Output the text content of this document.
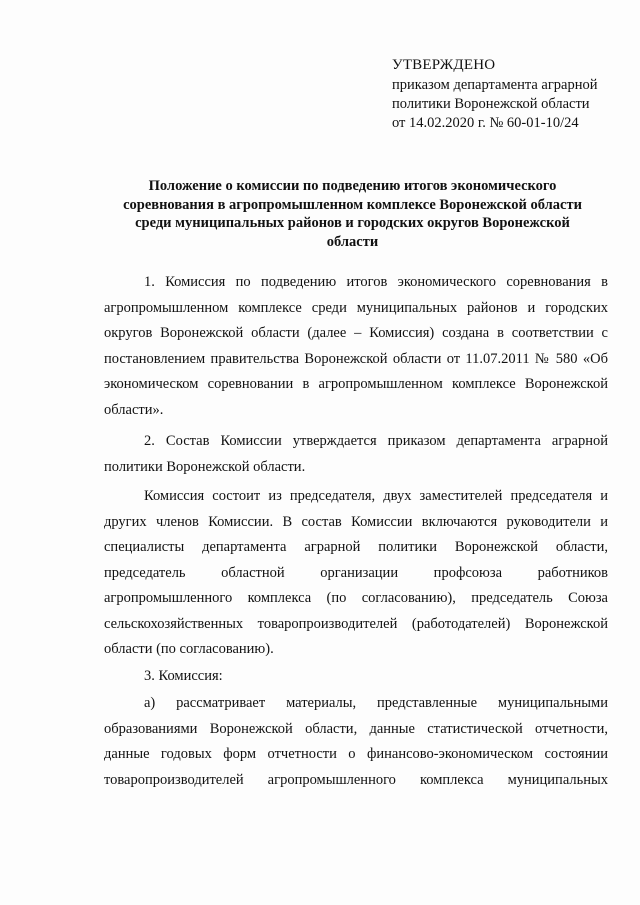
УТВЕРЖДЕНО
приказом департамента аграрной
политики Воронежской области
от 14.02.2020 г. № 60-01-10/24
Положение о комиссии по подведению итогов экономического
соревнования в агропромышленном комплексе Воронежской области
среди муниципальных районов и городских округов Воронежской
области
1. Комиссия по подведению итогов экономического соревнования в
агропромышленном комплексе среди муниципальных районов и городских
округов Воронежской области (далее – Комиссия) создана в соответствии с
постановлением правительства Воронежской области от 11.07.2011 № 580 «Об
экономическом соревновании в агропромышленном комплексе Воронежской
области».
2. Состав Комиссии утверждается приказом департамента аграрной
политики Воронежской области.
Комиссия состоит из председателя, двух заместителей председателя и
других членов Комиссии. В состав Комиссии включаются руководители и
специалисты департамента аграрной политики Воронежской области,
председатель областной организации профсоюза работников
агропромышленного комплекса (по согласованию), председатель Союза
сельскохозяйственных товаропроизводителей (работодателей) Воронежской
области (по согласованию).
3. Комиссия:
а) рассматривает материалы, представленные муниципальными
образованиями Воронежской области, данные статистической отчетности,
данные годовых форм отчетности о финансово-экономическом состоянии
товаропроизводителей агропромышленного комплекса муниципальных
